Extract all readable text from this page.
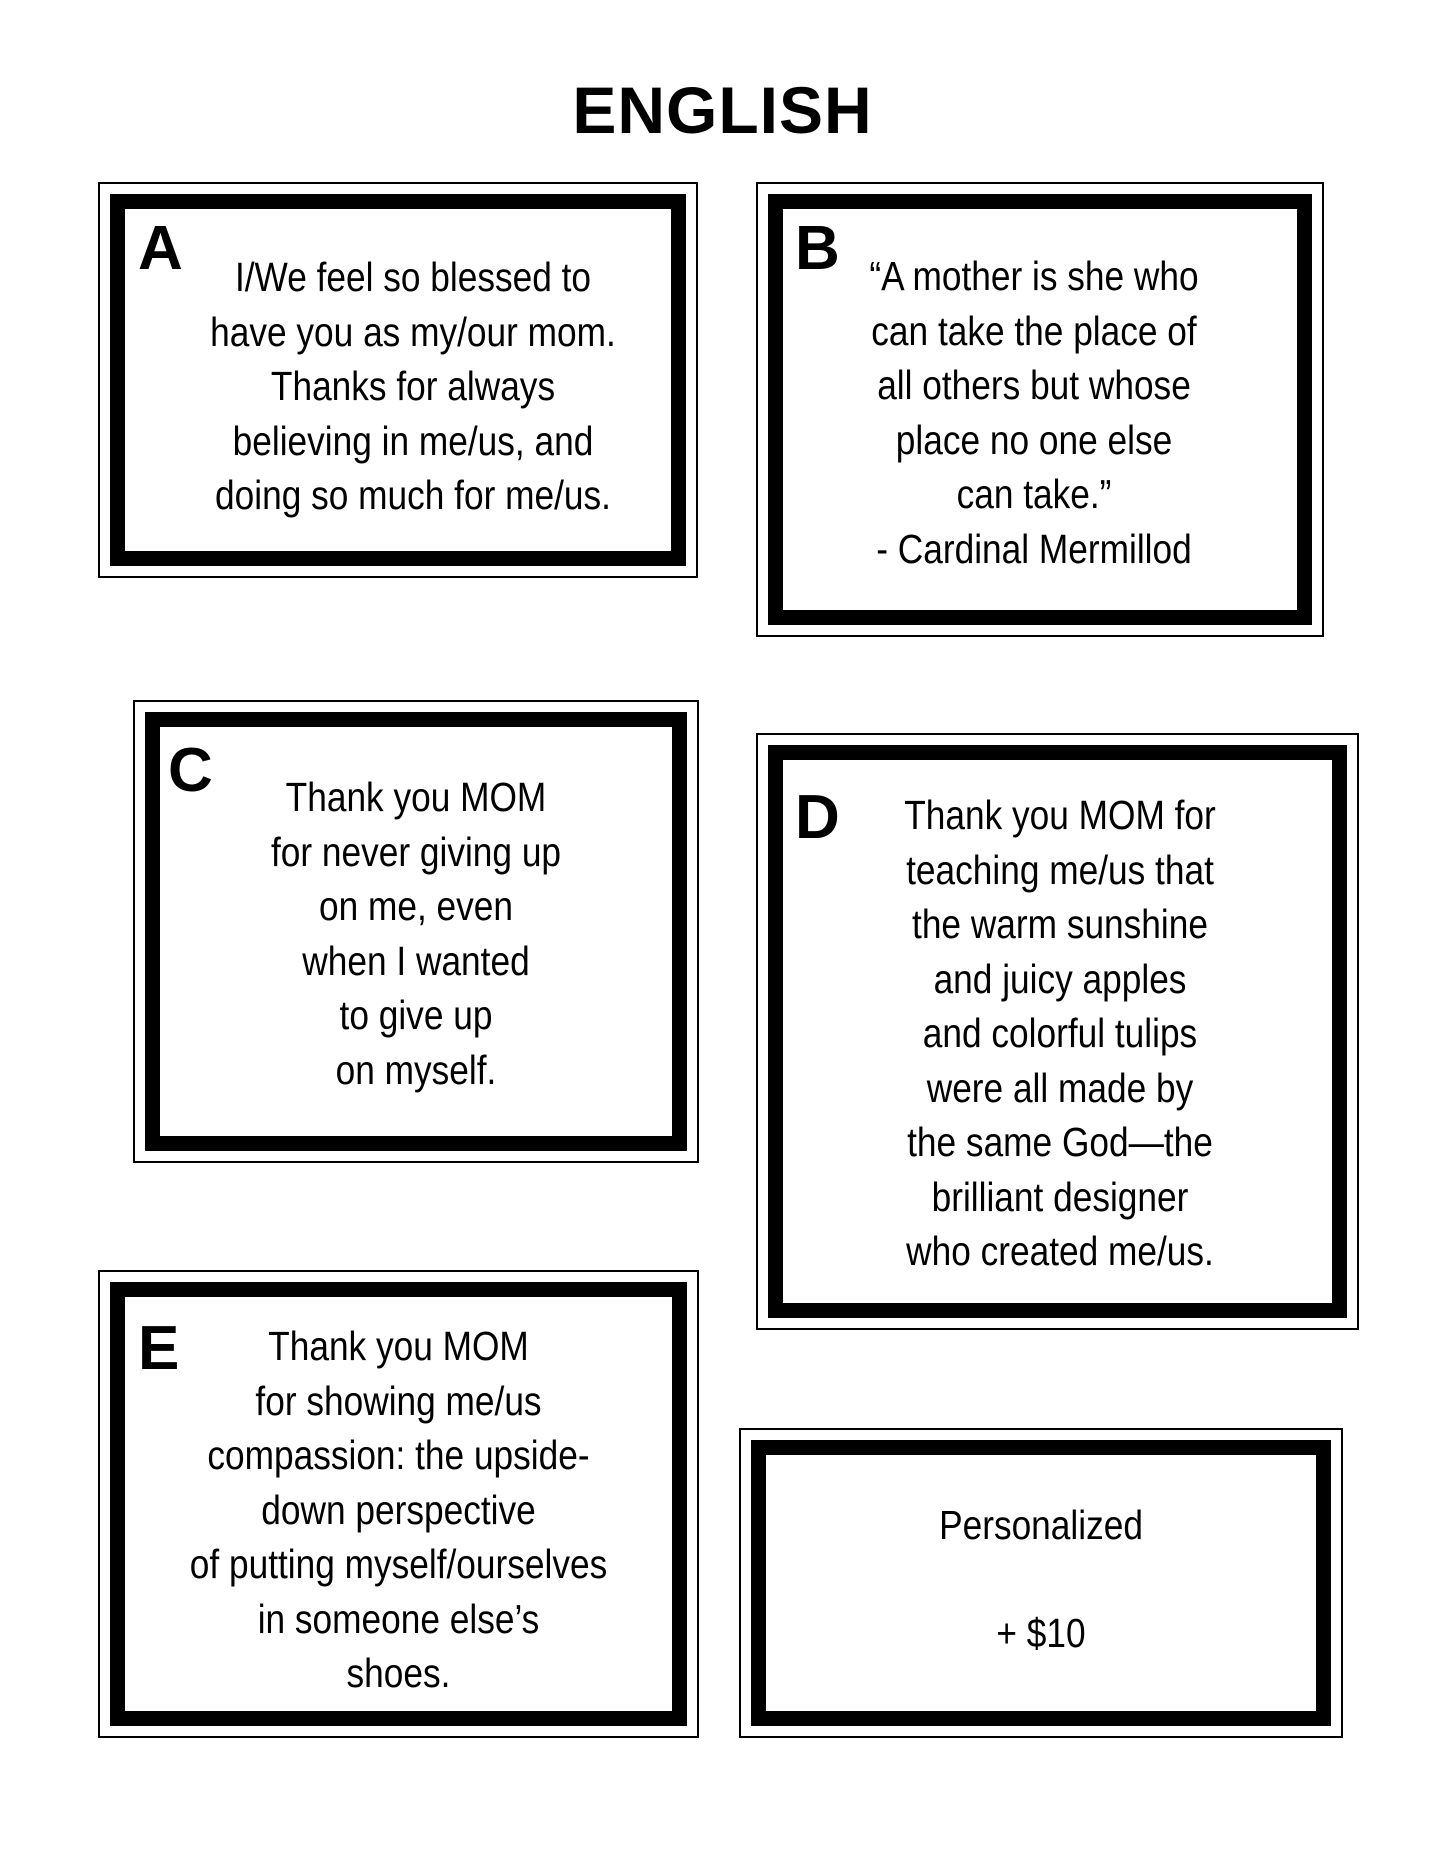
ENGLISH
A	I/We feel so blessed to
have you as my/our mom.
Thanks for always
believing in me/us, and
doing so much for me/us.
B “A mother is she who
can take the place of
all others but whose
place no one else
can take.”
- Cardinal Mermillod
C	Thank you MOM
for never giving up
on me, even
when I wanted
to give up
on myself.
D	Thank you MOM for
teaching me/us that
the warm sunshine
and juicy apples
and colorful tulips
were all made by
the same God—the
brilliant designer
who created me/us.
E	Thank you MOM
for showing me/us
compassion: the upside-
down perspective
of putting myself/ourselves
in someone else’s
shoes.
Personalized
+ $10
